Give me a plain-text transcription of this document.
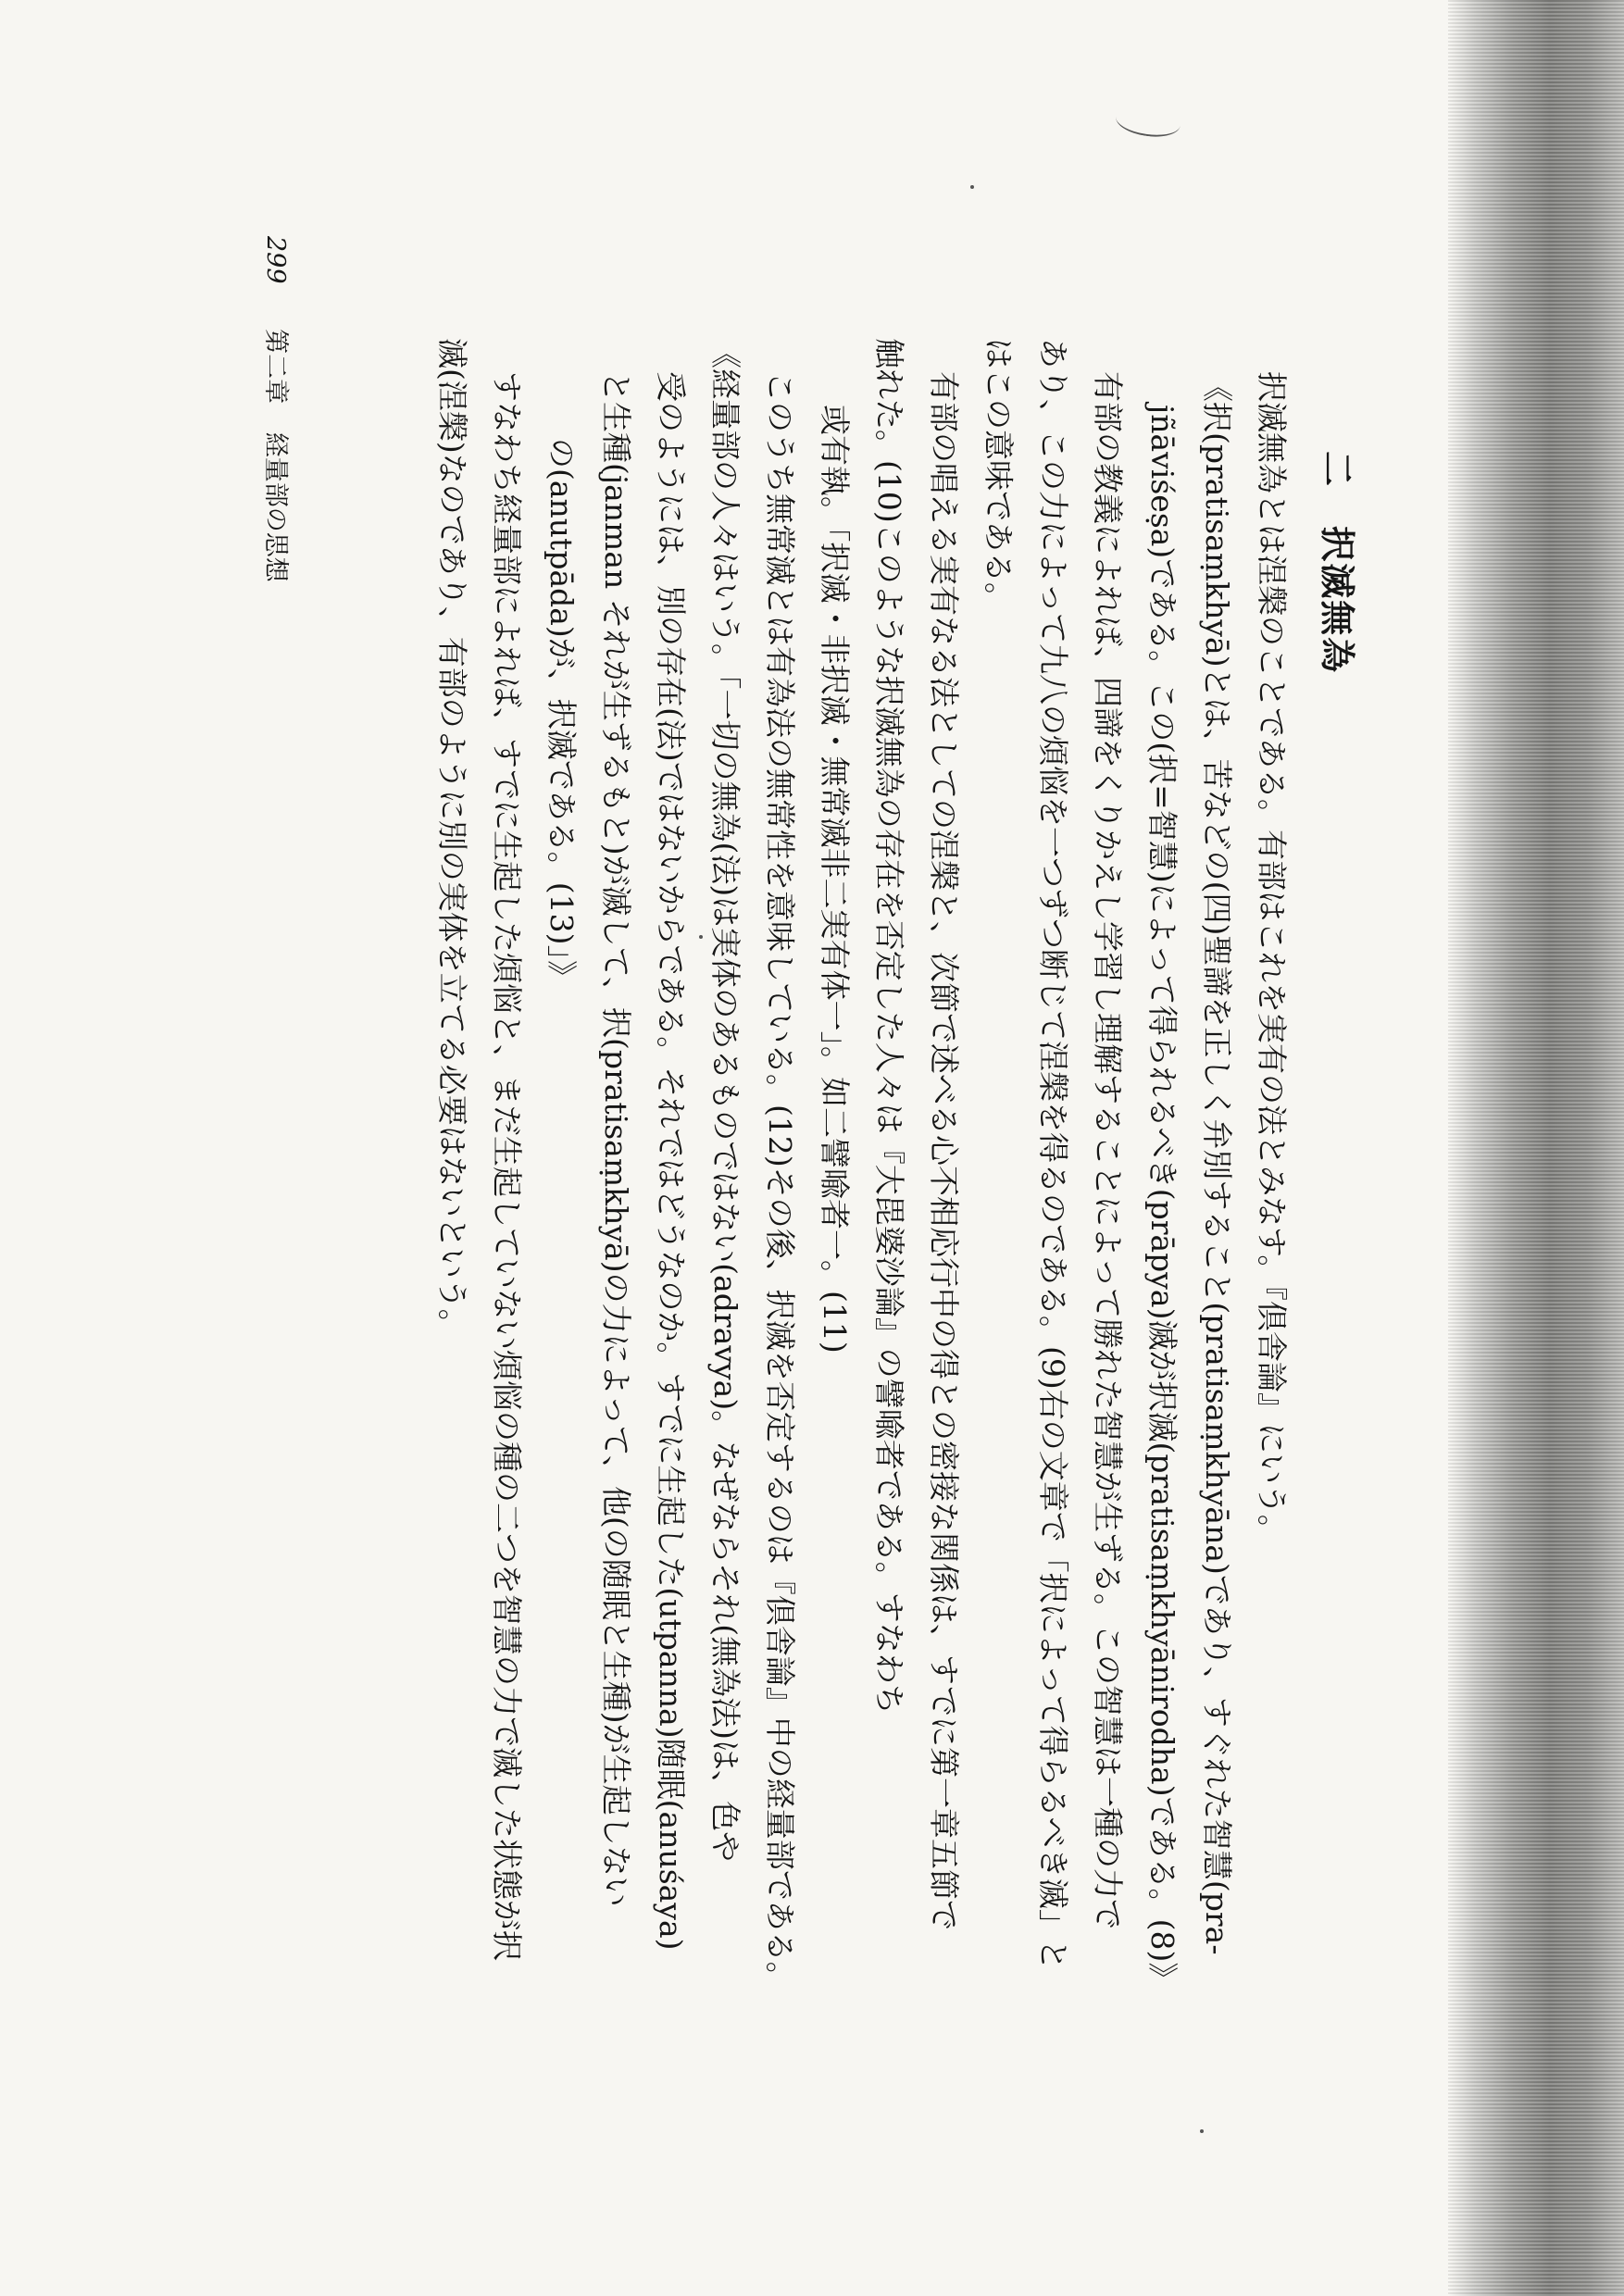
299 第二章 経量部の思想	二 択滅無為
択滅無為とは涅槃のことである。有部はこれを実有の法とみなす。『倶舎論』にいう。
《択(pratisaṃkhyā)とは、苦などの(四)聖諦を正しく弁別すること(pratisaṃkhyāna)であり、すぐれた智慧(pra-
jñāviśeṣa)である。この(択=智慧)によって得られるべき(prāpya)滅が択滅(pratisaṃkhyānirodha)である。(8)》
有部の教義によれば、四諦をくりかえし学習し理解することによって勝れた智慧が生ずる。この智慧は一種の力で
あり、この力によって九八の煩悩を一つずつ断じて涅槃を得るのである。(9)右の文章で「択によって得らるべき滅」と
はこの意味である。
有部の唱える実有なる法としての涅槃と、次節で述べる心不相応行中の得との密接な関係は、すでに第一章五節で
触れた。(10)このような択滅無為の存在を否定した人々は『大毘婆沙論』の譬喩者である。すなわち
或有執。「択滅・非択滅・無常滅非二実有体一」。如二譬喩者一。(11)
このうち無常滅とは有為法の無常性を意味している。(12)その後、択滅を否定するのは『倶舎論』中の経量部である。
《経量部の人々はいう。「一切の無為(法)は実体のあるものではない(adravya)。なぜならそれ(無為法)は、色や
受のようには、別の存在(法)ではないからである。それではどうなのか。すでに生起した(utpanna)随眠(anuśaya)
と生種(janman それが生ずるもと)が滅して、択(pratisaṃkhyā)の力によって、他(の随眠と生種)が生起しない
の(anutpāda)が、択滅である。(13)」》
すなわち経量部によれば、すでに生起した煩悩と、まだ生起していない煩悩の種の二つを智慧の力で滅した状態が択
滅(涅槃)なのであり、有部のように別の実体を立てる必要はないという。
